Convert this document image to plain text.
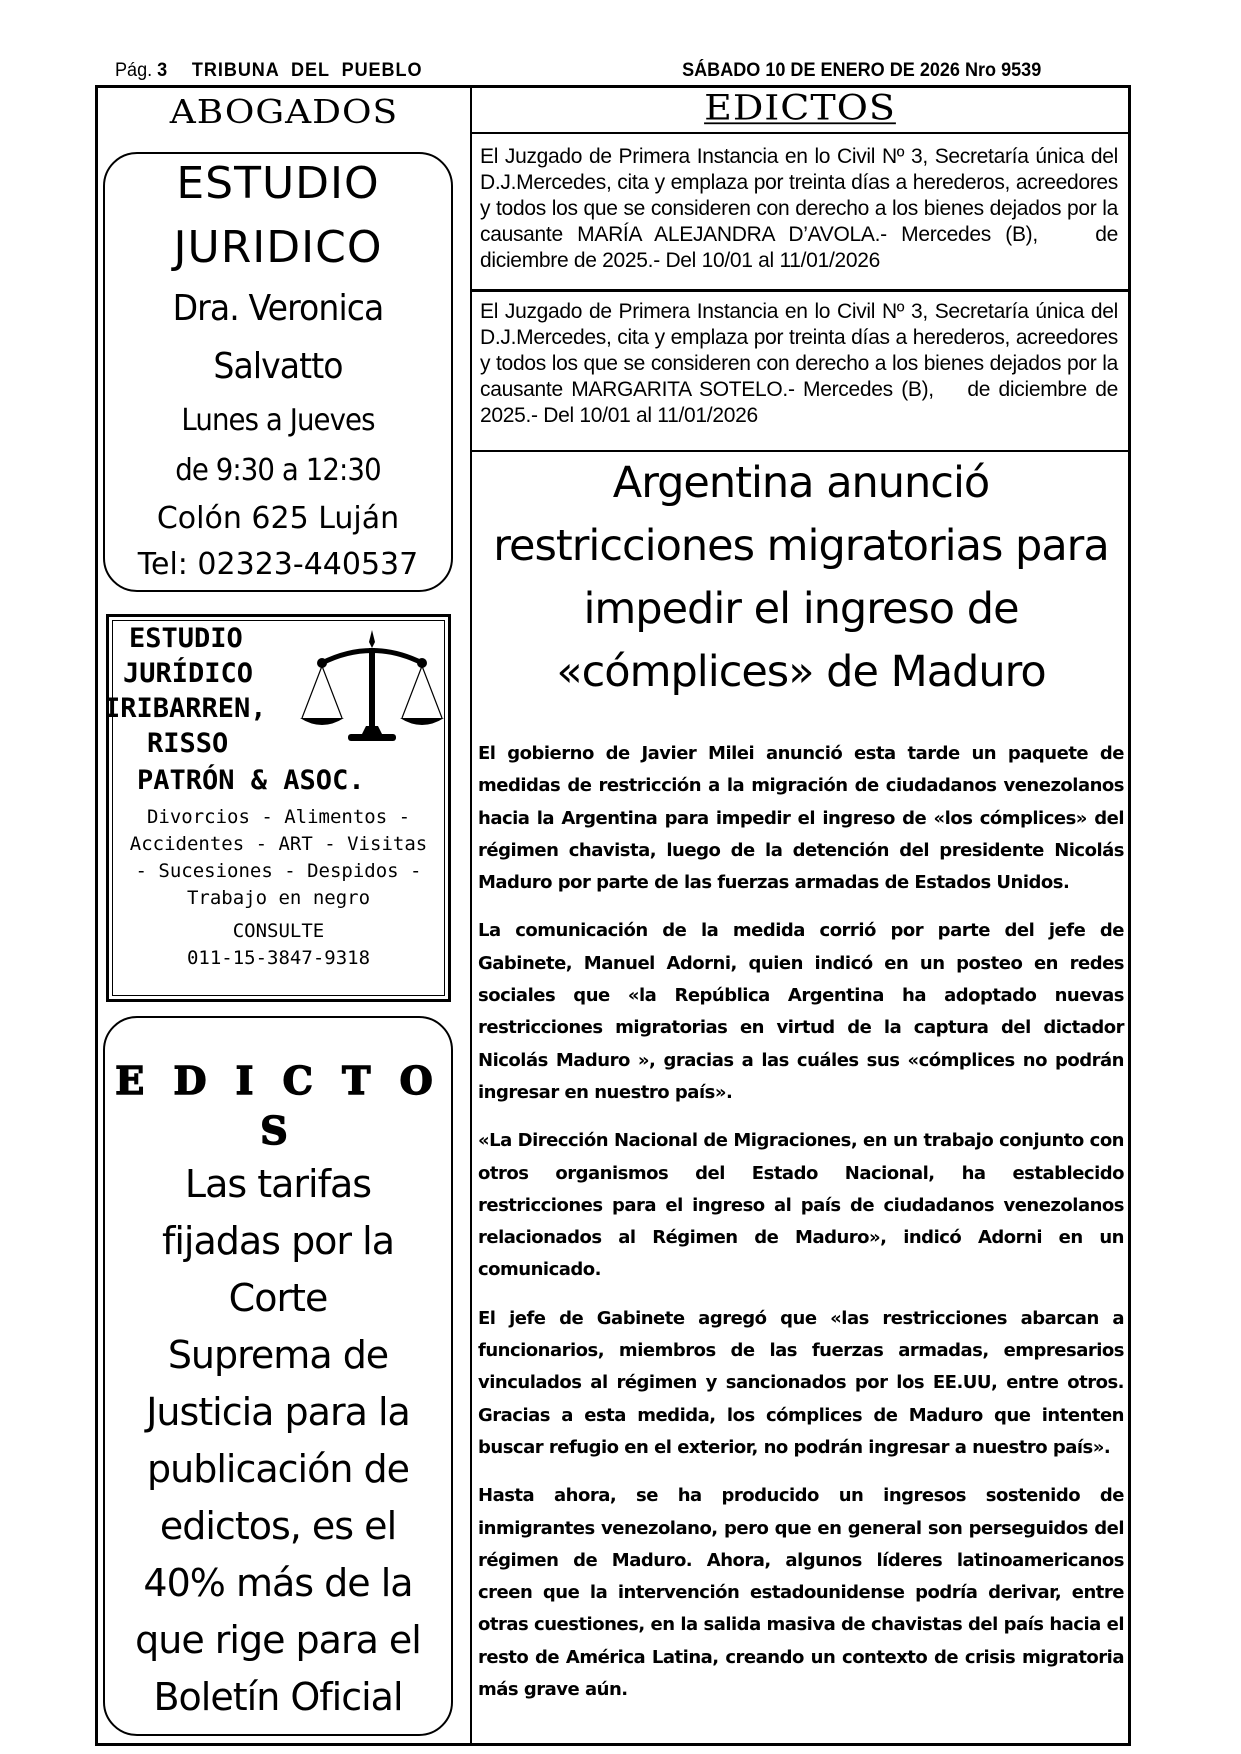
Pág. 3 TRIBUNA  DEL  PUEBLO	SÁBADO 10 DE ENERO DE 2026 Nro 9539
ABOGADOS
ESTUDIO
JURIDICO
Dra. Veronica
Salvatto
Lunes a Jueves
de 9:30 a 12:30
Colón 625 Luján
Tel: 02323-440537
ESTUDIO
JURÍDICO
IRIBARREN,
RISSO
PATRÓN & ASOC.
Divorcios - Alimentos -
Accidentes - ART - Visitas
- Sucesiones - Despidos -
Trabajo en negro
CONSULTE
011-15-3847-9318
E D I C T O S
Las tarifas
fijadas por la
Corte
Suprema de
Justicia para la
publicación de
edictos, es el
40% más de la
que rige para el
Boletín Oficial
EDICTOS
El Juzgado de Primera Instancia en lo Civil Nº 3, Secretaría única del D.J.Mercedes, cita y emplaza por treinta días a herederos, acreedores y todos los que se consideren con derecho a los bienes dejados por la causante MARÍA ALEJANDRA D’AVOLA.- Mercedes (B),    de diciembre de 2025.- Del 10/01 al 11/01/2026
El Juzgado de Primera Instancia en lo Civil Nº 3, Secretaría única del D.J.Mercedes, cita y emplaza por treinta días a herederos, acreedores y todos los que se consideren con derecho a los bienes dejados por la causante MARGARITA SOTELO.- Mercedes (B),    de diciembre de 2025.- Del 10/01 al 11/01/2026
Argentina anunció
restricciones migratorias para
impedir el ingreso de
«cómplices» de Maduro

El gobierno de Javier Milei anunció esta tarde un paquete de medidas de restricción a la migración de ciudadanos venezolanos hacia la Argentina para impedir el ingreso de «los cómplices» del régimen chavista, luego de la detención del presidente Nicolás Maduro por parte de las fuerzas armadas de Estados Unidos.

La comunicación de la medida corrió por parte del jefe de Gabinete, Manuel Adorni, quien indicó en un posteo en redes sociales que «la República Argentina ha adoptado nuevas restricciones migratorias en virtud de la captura del dictador Nicolás Maduro », gracias a las cuáles sus «cómplices no podrán ingresar en nuestro país».

«La Dirección Nacional de Migraciones, en un trabajo conjunto con otros organismos del Estado Nacional, ha establecido restricciones para el ingreso al país de ciudadanos venezolanos relacionados al Régimen de Maduro», indicó Adorni en un comunicado.

El jefe de Gabinete agregó que «las restricciones abarcan a funcionarios, miembros de las fuerzas armadas, empresarios vinculados al régimen y sancionados por los EE.UU, entre otros. Gracias a esta medida, los cómplices de Maduro que intenten buscar refugio en el exterior, no podrán ingresar a nuestro país».

Hasta ahora, se ha producido un ingresos sostenido de inmigrantes venezolano, pero que en general son perseguidos del régimen de Maduro. Ahora, algunos líderes latinoamericanos creen que la intervención estadounidense podría derivar, entre otras cuestiones, en la salida masiva de chavistas del país hacia el resto de América Latina, creando un contexto de crisis migratoria más grave aún.
